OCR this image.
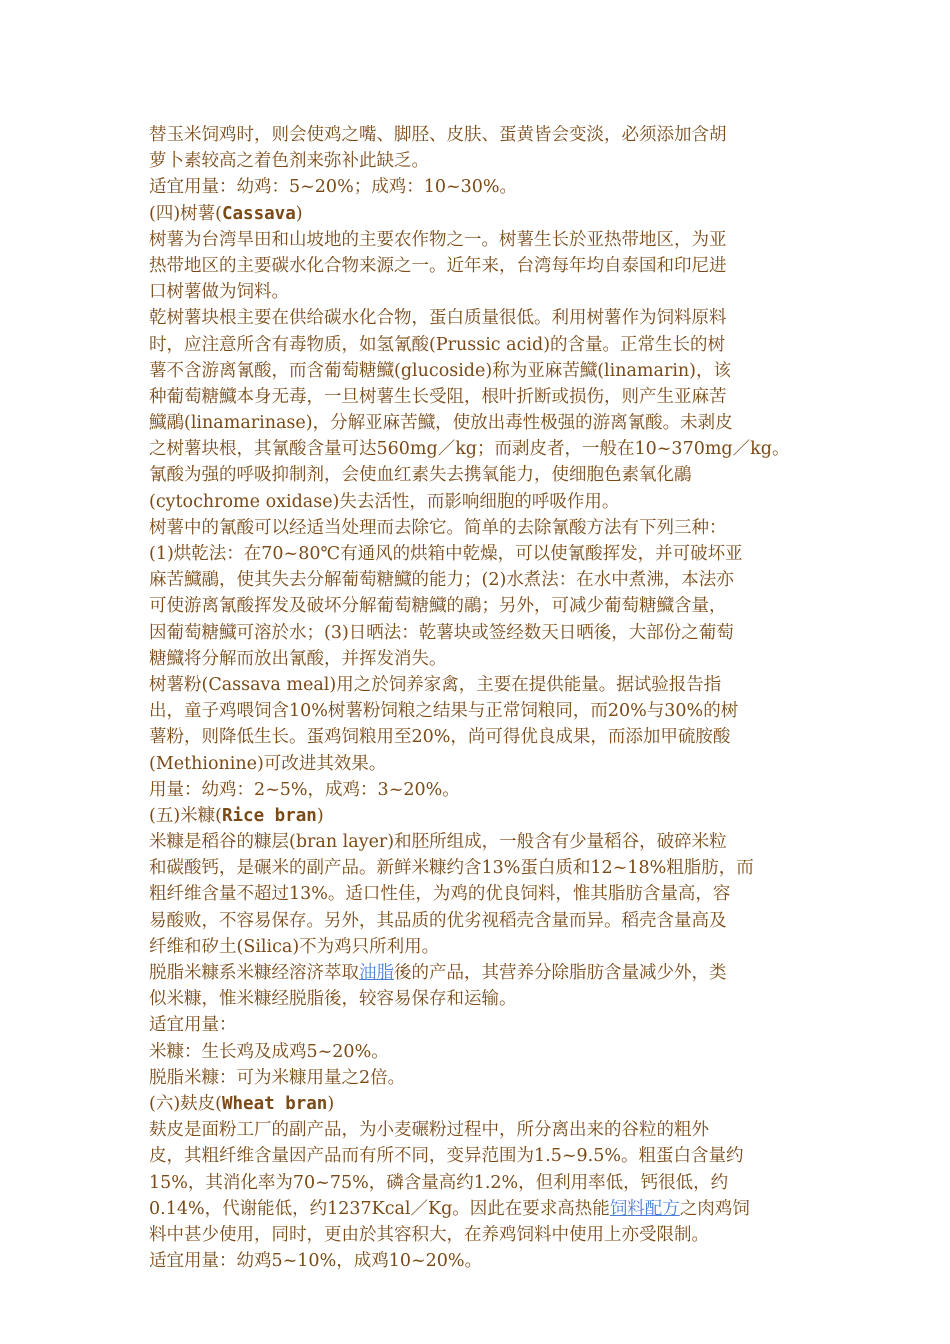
替玉米饲鸡时，则会使鸡之嘴、脚胫、皮肤、蛋黄皆会变淡，必须添加含胡
萝卜素较高之着色剂来弥补此缺乏。
适宜用量：幼鸡：5~20%；成鸡：10~30%。
(四)树薯(Cassava)
树薯为台湾旱田和山坡地的主要农作物之一。树薯生长於亚热带地区，为亚
热带地区的主要碳水化合物来源之一。近年来，台湾每年均自泰国和印尼进
口树薯做为饲料。
乾树薯块根主要在供给碳水化合物，蛋白质量很低。利用树薯作为饲料原料
时，应注意所含有毒物质，如氢氰酸(Prussic acid)的含量。正常生长的树
薯不含游离氰酸，而含葡萄糖鱵(glucoside)称为亚麻苦鱵(linamarin)，该
种葡萄糖鱵本身无毒，一旦树薯生长受阻，根叶折断或损伤，则产生亚麻苦
鱵鷊(linamarinase)，分解亚麻苦鱵，使放出毒性极强的游离氰酸。未剥皮
之树薯块根，其氰酸含量可达560mg／kg；而剥皮者，一般在10~370mg／kg。
氰酸为强的呼吸抑制剂，会使血红素失去携氧能力，使细胞色素氧化鷊
(cytochrome oxidase)失去活性，而影响细胞的呼吸作用。
树薯中的氰酸可以经适当处理而去除它。简单的去除氰酸方法有下列三种：
(1)烘乾法：在70~80℃有通风的烘箱中乾燥，可以使氰酸挥发，并可破坏亚
麻苦鱵鷊，使其失去分解葡萄糖鱵的能力；(2)水煮法：在水中煮沸，本法亦
可使游离氰酸挥发及破坏分解葡萄糖鱵的鷊；另外，可减少葡萄糖鱵含量，
因葡萄糖鱵可溶於水；(3)日晒法：乾薯块或签经数天日晒後，大部份之葡萄
糖鱵将分解而放出氰酸，并挥发消失。
树薯粉(Cassava meal)用之於饲养家禽，主要在提供能量。据试验报告指
出，童子鸡喂饲含10%树薯粉饲粮之结果与正常饲粮同，而20%与30%的树
薯粉，则降低生长。蛋鸡饲粮用至20%，尚可得优良成果，而添加甲硫胺酸
(Methionine)可改进其效果。
用量：幼鸡：2~5%，成鸡：3~20%。
(五)米糠(Rice bran)
米糠是稻谷的糠层(bran layer)和胚所组成，一般含有少量稻谷，破碎米粒
和碳酸钙，是碾米的副产品。新鲜米糠约含13%蛋白质和12~18%粗脂肪，而
粗纤维含量不超过13%。适口性佳，为鸡的优良饲料，惟其脂肪含量高，容
易酸败，不容易保存。另外，其品质的优劣视稻壳含量而异。稻壳含量高及
纤维和矽土(Silica)不为鸡只所利用。
脱脂米糠系米糠经溶济萃取油脂後的产品，其营养分除脂肪含量减少外，类
似米糠，惟米糠经脱脂後，较容易保存和运输。
适宜用量：
米糠：生长鸡及成鸡5~20%。
脱脂米糠：可为米糠用量之2倍。
(六)麸皮(Wheat bran)
麸皮是面粉工厂的副产品，为小麦碾粉过程中，所分离出来的谷粒的粗外
皮，其粗纤维含量因产品而有所不同，变异范围为1.5~9.5%。粗蛋白含量约
15%，其消化率为70~75%，磷含量高约1.2%，但利用率低，钙很低，约
0.14%，代谢能低，约1237Kcal／Kg。因此在要求高热能饲料配方之肉鸡饲
料中甚少使用，同时，更由於其容积大，在养鸡饲料中使用上亦受限制。
适宜用量：幼鸡5~10%，成鸡10~20%。
